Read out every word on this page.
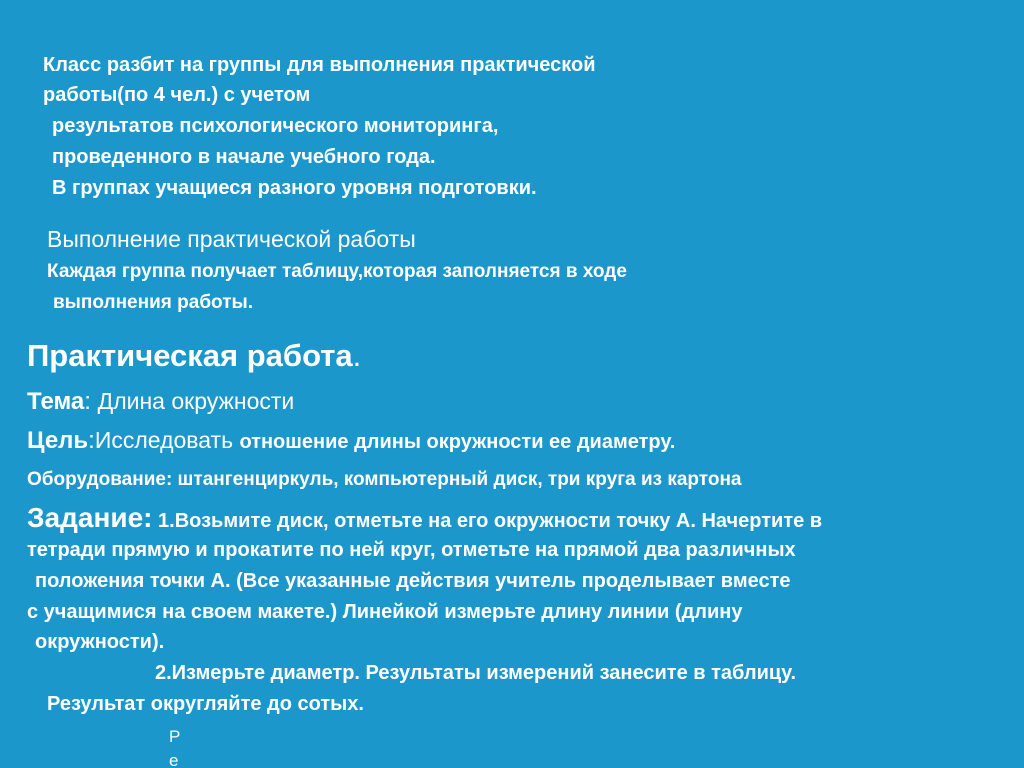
Класс разбит на группы для выполнения практической
работы(по 4 чел.) с учетом
результатов психологического мониторинга,
проведенного в начале учебного года.
В группах учащиеся разного уровня подготовки.
Выполнение практической работы
Каждая группа получает таблицу,которая заполняется в ходе
выполнения работы.
Практическая работа.
Тема: Длина окружности
Цель:Исследовать отношение длины окружности ее диаметру.
Оборудование: штангенциркуль, компьютерный диск, три круга из картона
Задание: 1.Возьмите диск, отметьте на его окружности точку А. Начертите в
тетради прямую и прокатите по ней круг, отметьте на прямой два различных
положения точки А. (Все указанные действия учитель проделывает вместе
с учащимися на своем макете.) Линейкой измерьте длину линии (длину
окружности).
2.Измерьте диаметр. Результаты измерений занесите в таблицу.
Результат округляйте до сотых.
Р
е
